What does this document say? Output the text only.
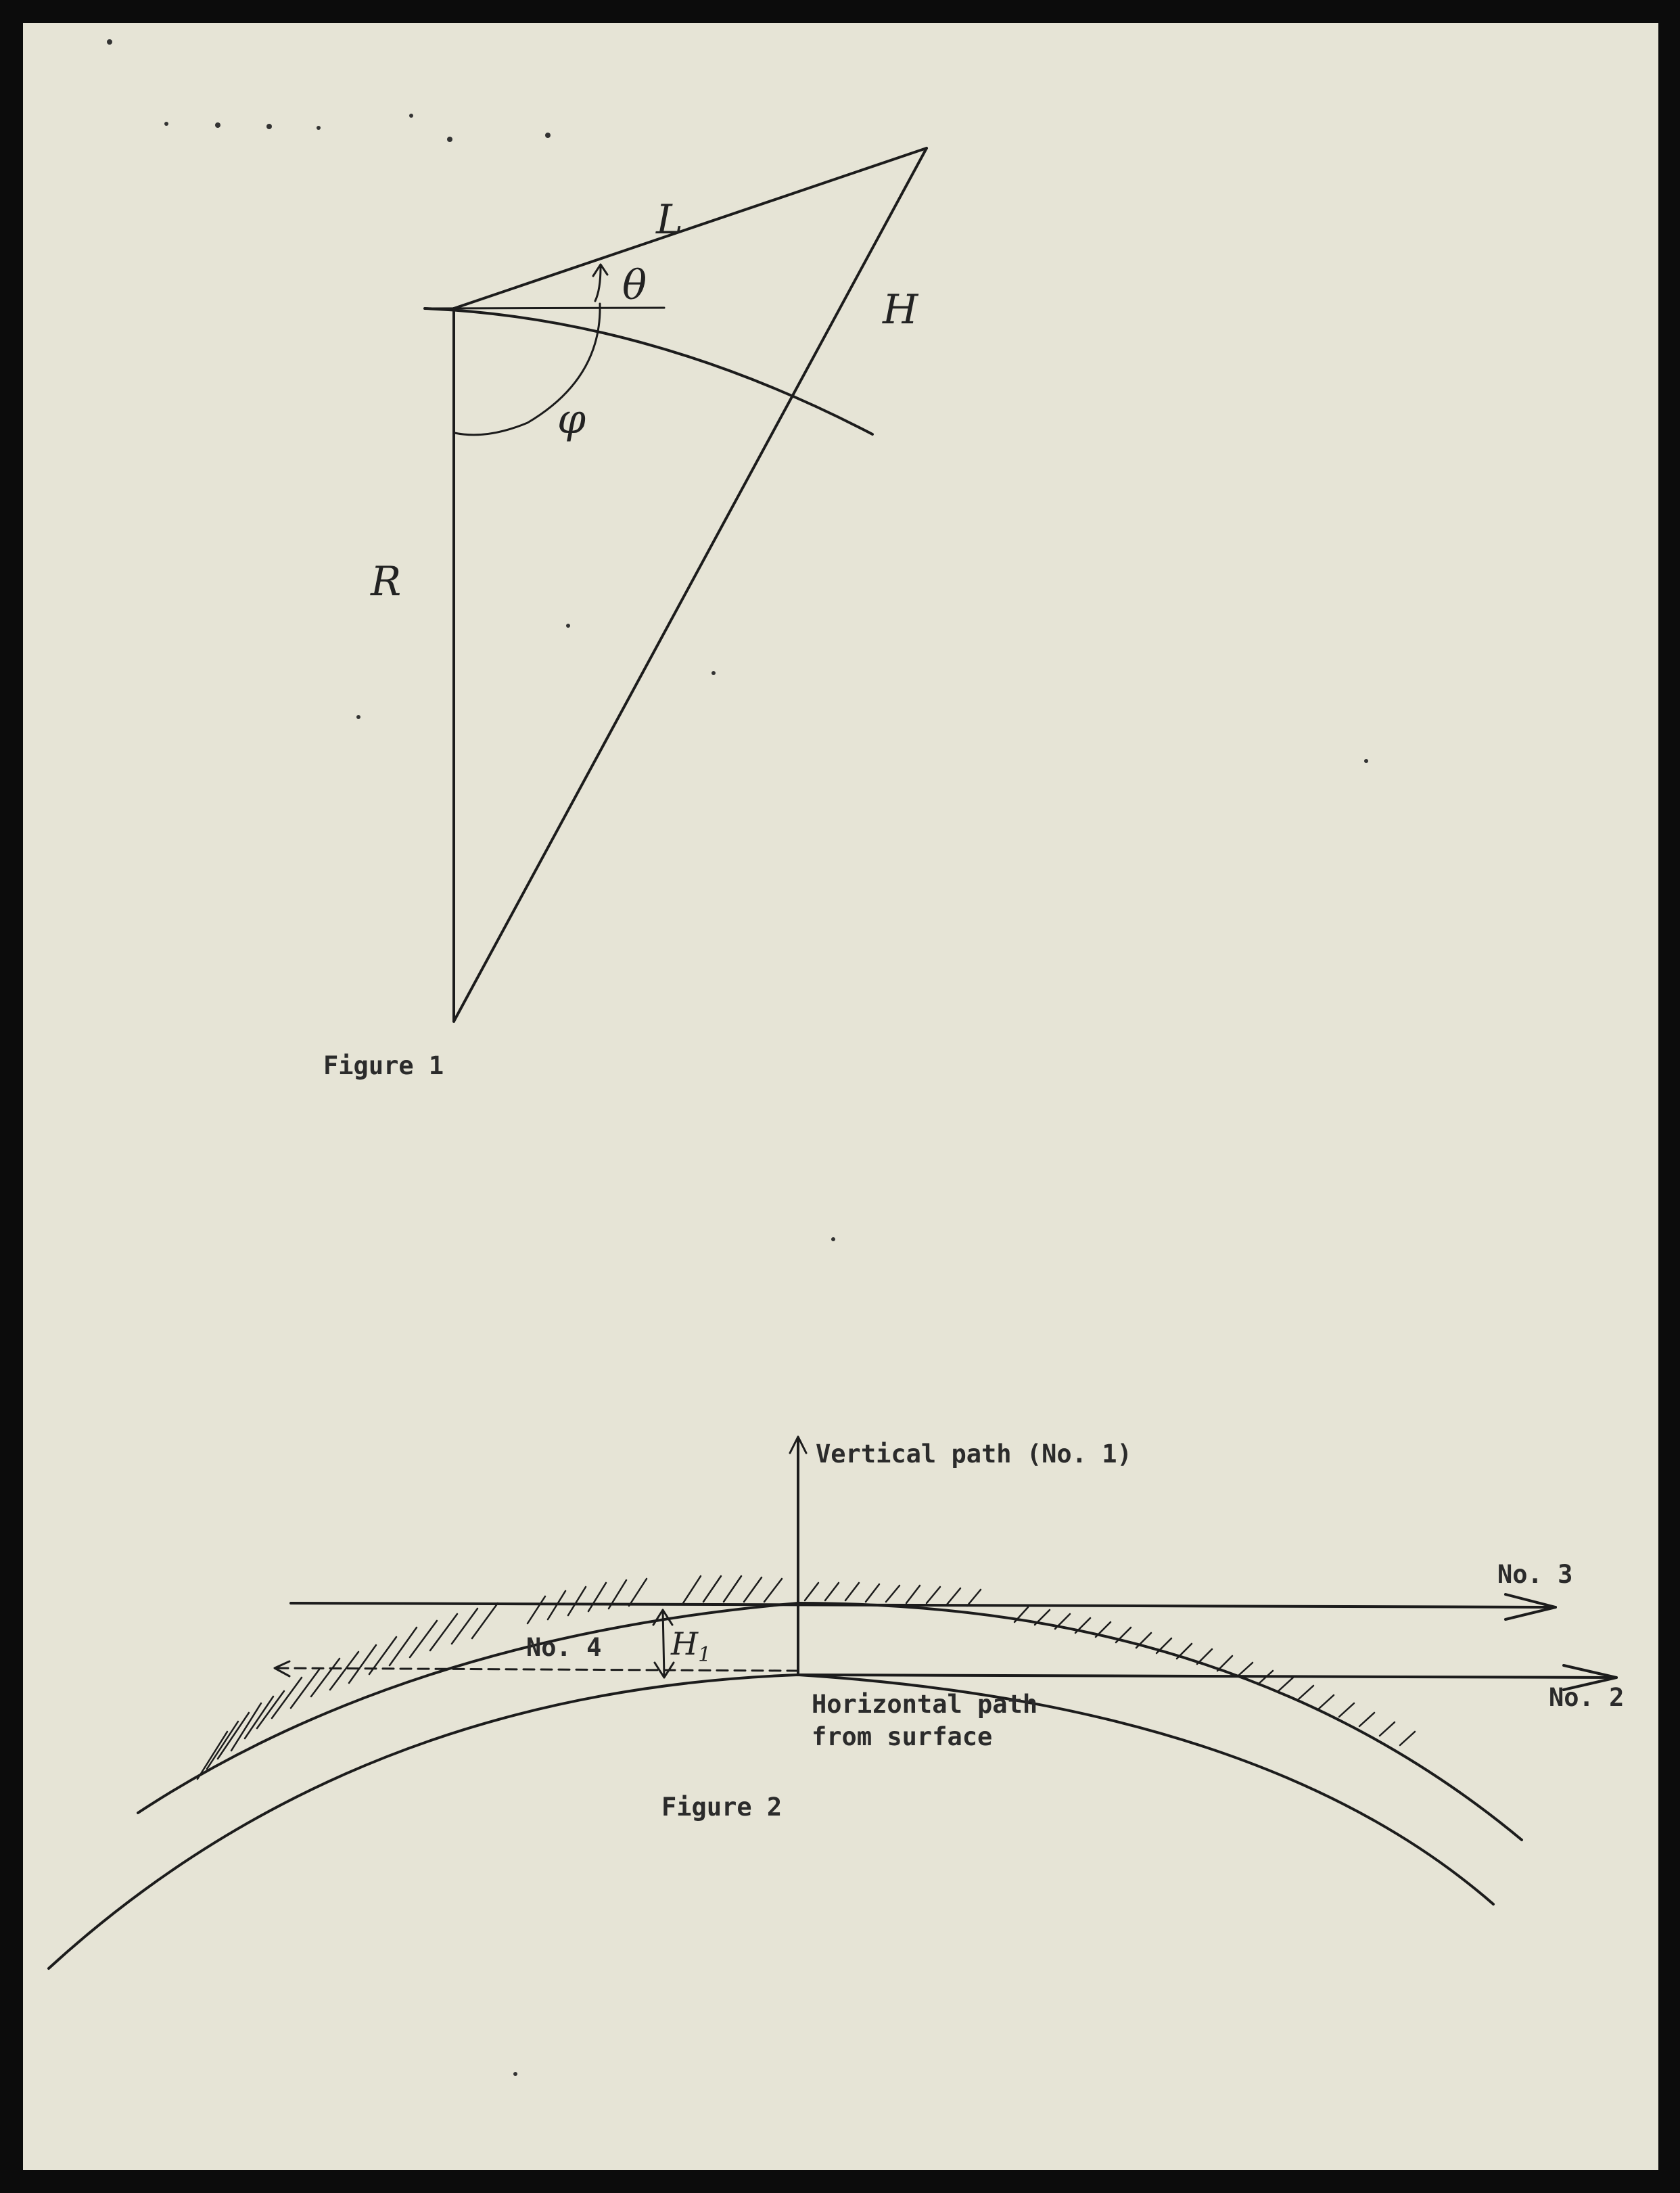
L
θ
H
φ
R
Figure 1
Vertical path (No. 1)
No. 3
No. 2
No. 4 $H_1$
Horizontal path
from surface
Figure 2
